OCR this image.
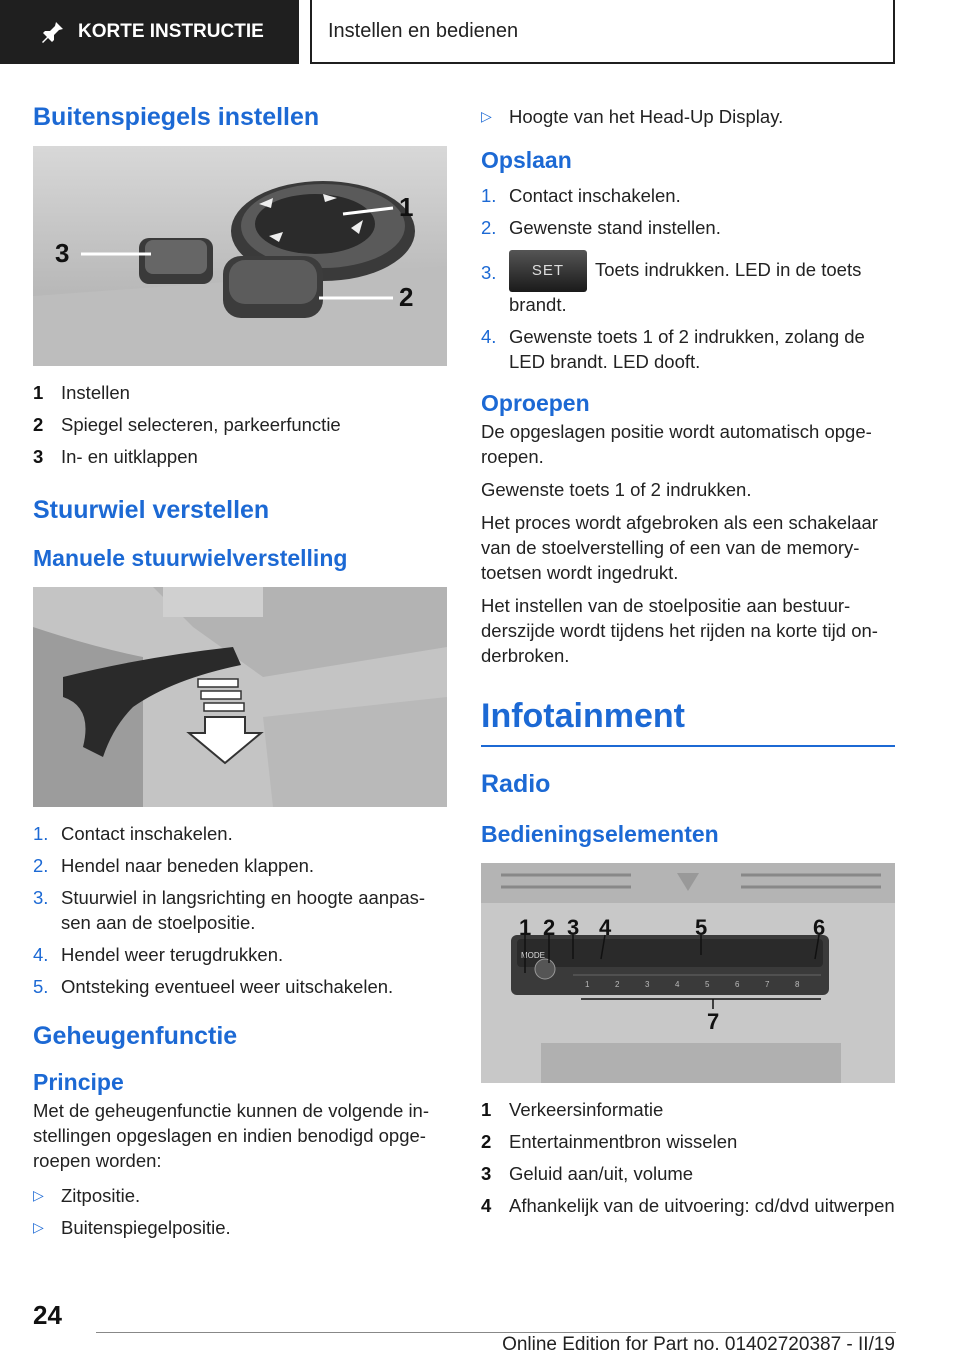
KORTE INSTRUCTIE	Instellen en bedienen
Buitenspiegels instellen
3
1
2
1 Instellen
2 Spiegel selecteren, parkeerfunctie
3 In- en uitklappen
Stuurwiel verstellen
Manuele stuurwielverstelling
1. Contact inschakelen.
2. Hendel naar beneden klappen.
3. Stuurwiel in langsrichting en hoogte aanpassen aan de stoelpositie.
4. Hendel weer terugdrukken.
5. Ontsteking eventueel weer uitschakelen.
Geheugenfunctie
Principe

Met de geheugenfunctie kunnen de volgende instellingen opgeslagen en indien benodigd opgeroepen worden:

▷ Zitpositie.
▷ Buitenspiegelpositie.
▷ Hoogte van het Head-Up Display.
Opslaan
1. Contact inschakelen.
2. Gewenste stand instellen.
3.	SET Toets indrukken. LED in de toets brandt.
4. Gewenste toets 1 of 2 indrukken, zolang de LED brandt. LED dooft.
Oproepen

De opgeslagen positie wordt automatisch opgeroepen.

Gewenste toets 1 of 2 indrukken.

Het proces wordt afgebroken als een schakelaar van de stoelverstelling of een van de memory-toetsen wordt ingedrukt.

Het instellen van de stoelpositie aan bestuurderszijde wordt tijdens het rijden na korte tijd onderbroken.

Infotainment
Radio
Bedieningselementen
MODE
1	2	3	4	5	6	7	8
1 2 3 4	5	6
7
1 Verkeersinformatie
2 Entertainmentbron wisselen
3 Geluid aan/uit, volume
4 Afhankelijk van de uitvoering: cd/dvd uitwerpen
24
Online Edition for Part no. 01402720387 - II/19
